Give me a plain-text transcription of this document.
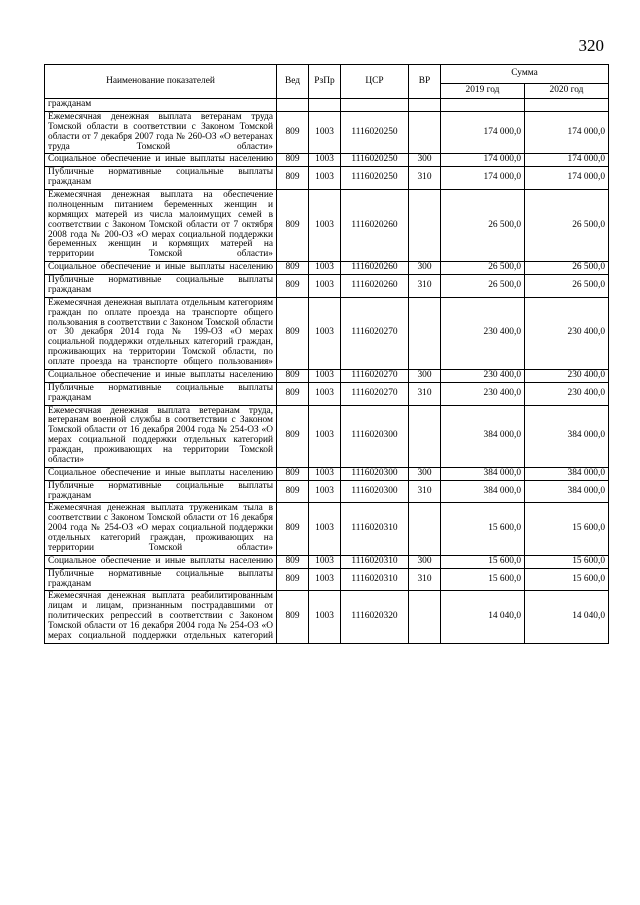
320
Наименование показателей	Вед	РзПр	ЦСР	ВР	Сумма	
					2019 год	2020 год
гражданам						
Ежемесячная денежная выплата ветеранам труда Томской области в соответствии с Законом Томской области от 7 декабря 2007 года № 260-ОЗ «О ветеранах труда Томской области»	809	1003	1116020250		174 000,0	174 000,0
Социальное обеспечение и иные выплаты населению	809	1003	1116020250	300	174 000,0	174 000,0
Публичные нормативные социальные выплаты гражданам	809	1003	1116020250	310	174 000,0	174 000,0
Ежемесячная денежная выплата на обеспечение полноценным питанием беременных женщин и кормящих матерей из числа малоимущих семей в соответствии с Законом Томской области от 7 октября 2008 года № 200-ОЗ «О мерах социальной поддержки беременных женщин и кормящих матерей на территории Томской области»	809	1003	1116020260		26 500,0	26 500,0
Социальное обеспечение и иные выплаты населению	809	1003	1116020260	300	26 500,0	26 500,0
Публичные нормативные социальные выплаты гражданам	809	1003	1116020260	310	26 500,0	26 500,0
Ежемесячная денежная выплата отдельным категориям граждан по оплате проезда на транспорте общего пользования в соответствии с Законом Томской области от 30 декабря 2014 года № 199-ОЗ «О мерах социальной поддержки отдельных категорий граждан, проживающих на территории Томской области, по оплате проезда на транспорте общего пользования»	809	1003	1116020270		230 400,0	230 400,0
Социальное обеспечение и иные выплаты населению	809	1003	1116020270	300	230 400,0	230 400,0
Публичные нормативные социальные выплаты гражданам	809	1003	1116020270	310	230 400,0	230 400,0
Ежемесячная денежная выплата ветеранам труда, ветеранам военной службы в соответствии с Законом Томской области от 16 декабря 2004 года № 254-ОЗ «О мерах социальной поддержки отдельных категорий граждан, проживающих на территории Томской области»	809	1003	1116020300		384 000,0	384 000,0
Социальное обеспечение и иные выплаты населению	809	1003	1116020300	300	384 000,0	384 000,0
Публичные нормативные социальные выплаты гражданам	809	1003	1116020300	310	384 000,0	384 000,0
Ежемесячная денежная выплата труженикам тыла в соответствии с Законом Томской области от 16 декабря 2004 года № 254-ОЗ «О мерах социальной поддержки отдельных категорий граждан, проживающих на территории Томской области»	809	1003	1116020310		15 600,0	15 600,0
Социальное обеспечение и иные выплаты населению	809	1003	1116020310	300	15 600,0	15 600,0
Публичные нормативные социальные выплаты гражданам	809	1003	1116020310	310	15 600,0	15 600,0
Ежемесячная денежная выплата реабилитированным лицам и лицам, признанным пострадавшими от политических репрессий в соответствии с Законом Томской области от 16 декабря 2004 года № 254-ОЗ «О мерах социальной поддержки отдельных категорий	809	1003	1116020320		14 040,0	14 040,0
